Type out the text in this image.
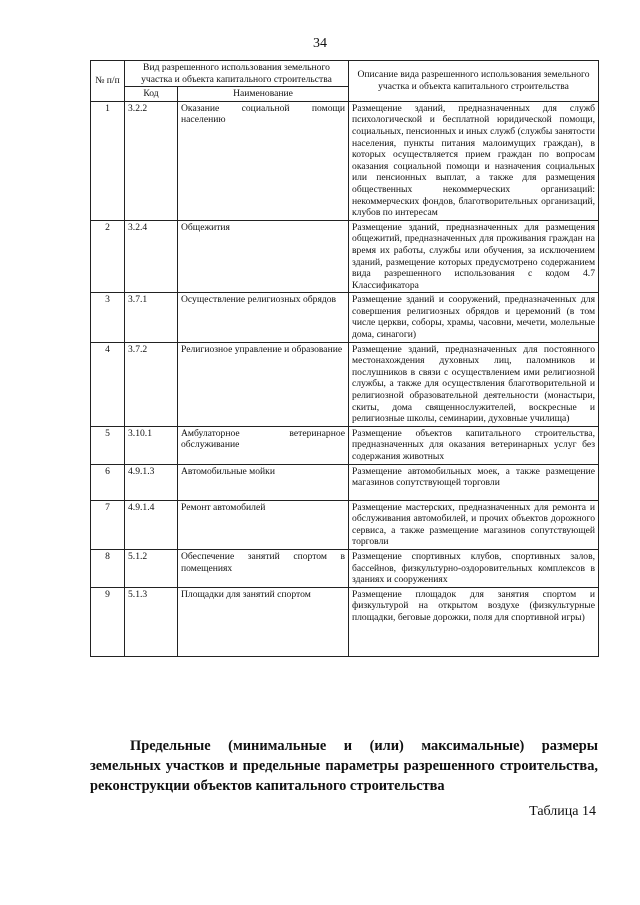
34
№ п/п	Вид разрешенного использования земельного участка и объекта капитального строительства		Описание вида разрешенного использования земельного участка и объекта капитального строительства
	Код	Наименование	
1	3.2.2	Оказание социальной помощи населению	Размещение зданий, предназначенных для служб психологической и бесплатной юридической помощи, социальных, пенсионных и иных служб (службы занятости населения, пункты питания малоимущих граждан), в которых осуществляется прием граждан по вопросам оказания социальной помощи и назначения социальных или пенсионных выплат, а также для размещения общественных некоммерческих организаций: некоммерческих фондов, благотворительных организаций, клубов по интересам
2	3.2.4	Общежития	Размещение зданий, предназначенных для размещения общежитий, предназначенных для проживания граждан на время их работы, службы или обучения, за исключением зданий, размещение которых предусмотрено содержанием вида разрешенного использования с кодом 4.7 Классификатора
3	3.7.1	Осуществление религиозных обрядов	Размещение зданий и сооружений, предназначенных для совершения религиозных обрядов и церемоний (в том числе церкви, соборы, храмы, часовни, мечети, молельные дома, синагоги)
4	3.7.2	Религиозное управление и образование	Размещение зданий, предназначенных для постоянного местонахождения духовных лиц, паломников и послушников в связи с осуществлением ими религиозной службы, а также для осуществления благотворительной и религиозной образовательной деятельности (монастыри, скиты, дома священнослужителей, воскресные и религиозные школы, семинарии, духовные училища)
5	3.10.1	Амбулаторное ветеринарное обслуживание	Размещение объектов капитального строительства, предназначенных для оказания ветеринарных услуг без содержания животных
6	4.9.1.3	Автомобильные мойки	Размещение автомобильных моек, а также размещение магазинов сопутствующей торговли
7	4.9.1.4	Ремонт автомобилей	Размещение мастерских, предназначенных для ремонта и обслуживания автомобилей, и прочих объектов дорожного сервиса, а также размещение магазинов сопутствующей торговли
8	5.1.2	Обеспечение занятий спортом в помещениях	Размещение спортивных клубов, спортивных залов, бассейнов, физкультурно-оздоровительных комплексов в зданиях и сооружениях
9	5.1.3	Площадки для занятий спортом	Размещение площадок для занятия спортом и физкультурой на открытом воздухе (физкультурные площадки, беговые дорожки, поля для спортивной игры)
Предельные (минимальные и (или) максимальные) размеры земельных участков и предельные параметры разрешенного строительства, реконструкции объектов капитального строительства
Таблица 14
